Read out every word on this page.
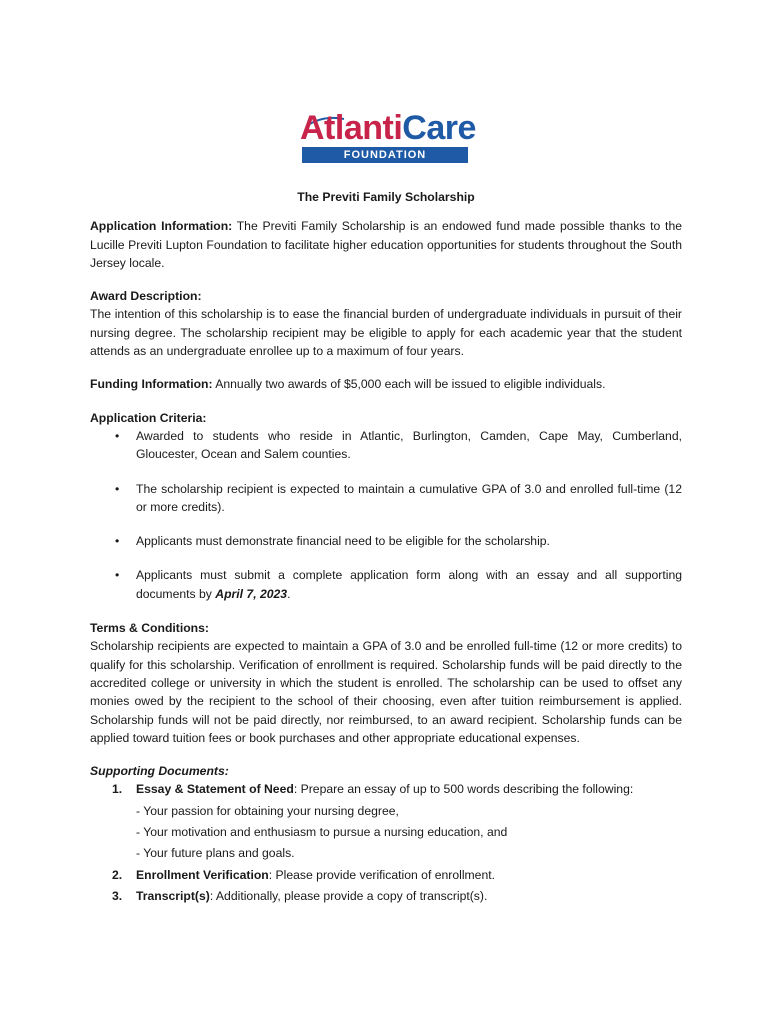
AtlantiCare
FOUNDATION

The Previti Family Scholarship

Application Information: The Previti Family Scholarship is an endowed fund made possible thanks to the Lucille Previti Lupton Foundation to facilitate higher education opportunities for students throughout the South Jersey locale.

Award Description:

The intention of this scholarship is to ease the financial burden of undergraduate individuals in pursuit of their nursing degree. The scholarship recipient may be eligible to apply for each academic year that the student attends as an undergraduate enrollee up to a maximum of four years.

Funding Information: Annually two awards of $5,000 each will be issued to eligible individuals.

Application Criteria:

• Awarded to students who reside in Atlantic, Burlington, Camden, Cape May, Cumberland, Gloucester, Ocean and Salem counties.
• The scholarship recipient is expected to maintain a cumulative GPA of 3.0 and enrolled full-time (12 or more credits).
• Applicants must demonstrate financial need to be eligible for the scholarship.
• Applicants must submit a complete application form along with an essay and all supporting documents by April 7, 2023.

Terms & Conditions:

Scholarship recipients are expected to maintain a GPA of 3.0 and be enrolled full-time (12 or more credits) to qualify for this scholarship. Verification of enrollment is required. Scholarship funds will be paid directly to the accredited college or university in which the student is enrolled. The scholarship can be used to offset any monies owed by the recipient to the school of their choosing, even after tuition reimbursement is applied. Scholarship funds will not be paid directly, nor reimbursed, to an award recipient. Scholarship funds can be applied toward tuition fees or book purchases and other appropriate educational expenses.

Supporting Documents:

1. Essay & Statement of Need: Prepare an essay of up to 500 words describing the following:
- Your passion for obtaining your nursing degree,
- Your motivation and enthusiasm to pursue a nursing education, and
- Your future plans and goals.
2. Enrollment Verification: Please provide verification of enrollment.
3. Transcript(s): Additionally, please provide a copy of transcript(s).
